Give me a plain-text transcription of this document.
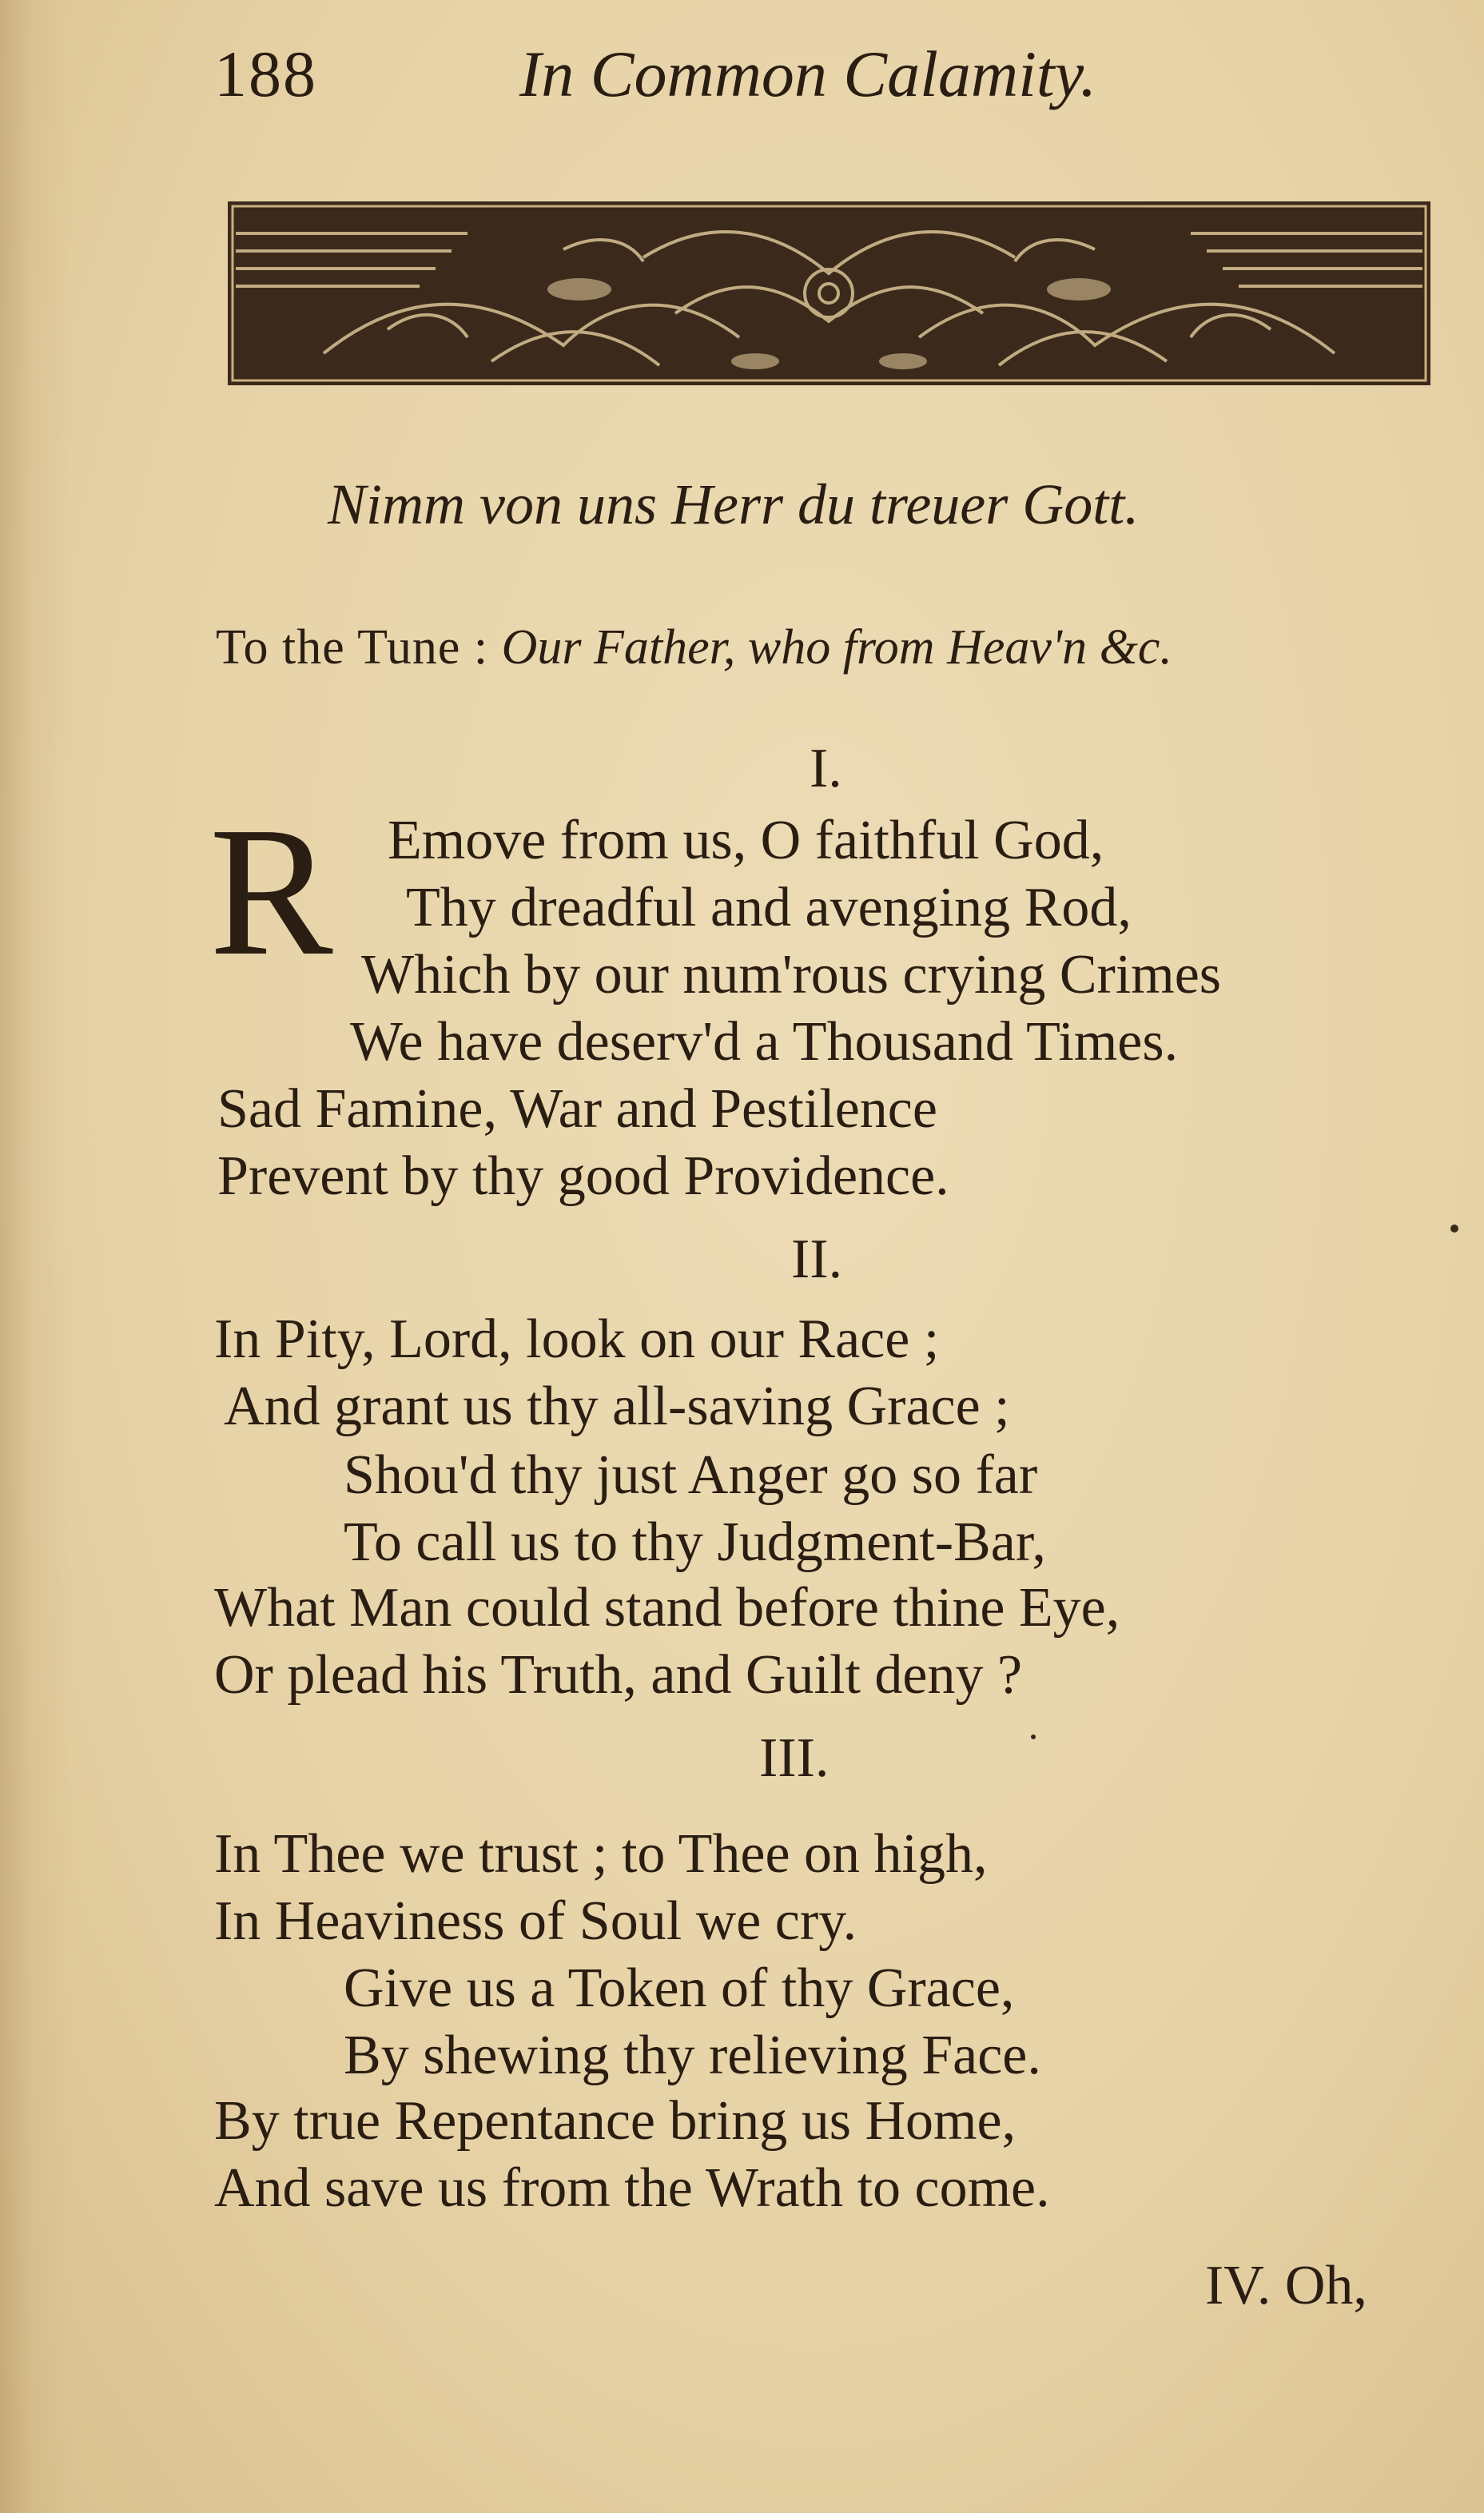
188	In Common Calamity.
Nimm von uns Herr du treuer Gott.
To the Tune : Our Father, who from Heav'n &c.
I.
R Emove from us, O faithful God,
Thy dreadful and avenging Rod,
Which by our num'rous crying Crimes
We have deserv'd a Thousand Times.
Sad Famine, War and Pestilence
Prevent by thy good Providence.
II.
In Pity, Lord, look on our Race ;
And grant us thy all-saving Grace ;
Shou'd thy just Anger go so far
To call us to thy Judgment-Bar,
What Man could stand before thine Eye,
Or plead his Truth, and Guilt deny ?
III.
In Thee we trust ; to Thee on high,
In Heaviness of Soul we cry.
Give us a Token of thy Grace,
By shewing thy relieving Face.
By true Repentance bring us Home,
And save us from the Wrath to come.
IV. Oh,
